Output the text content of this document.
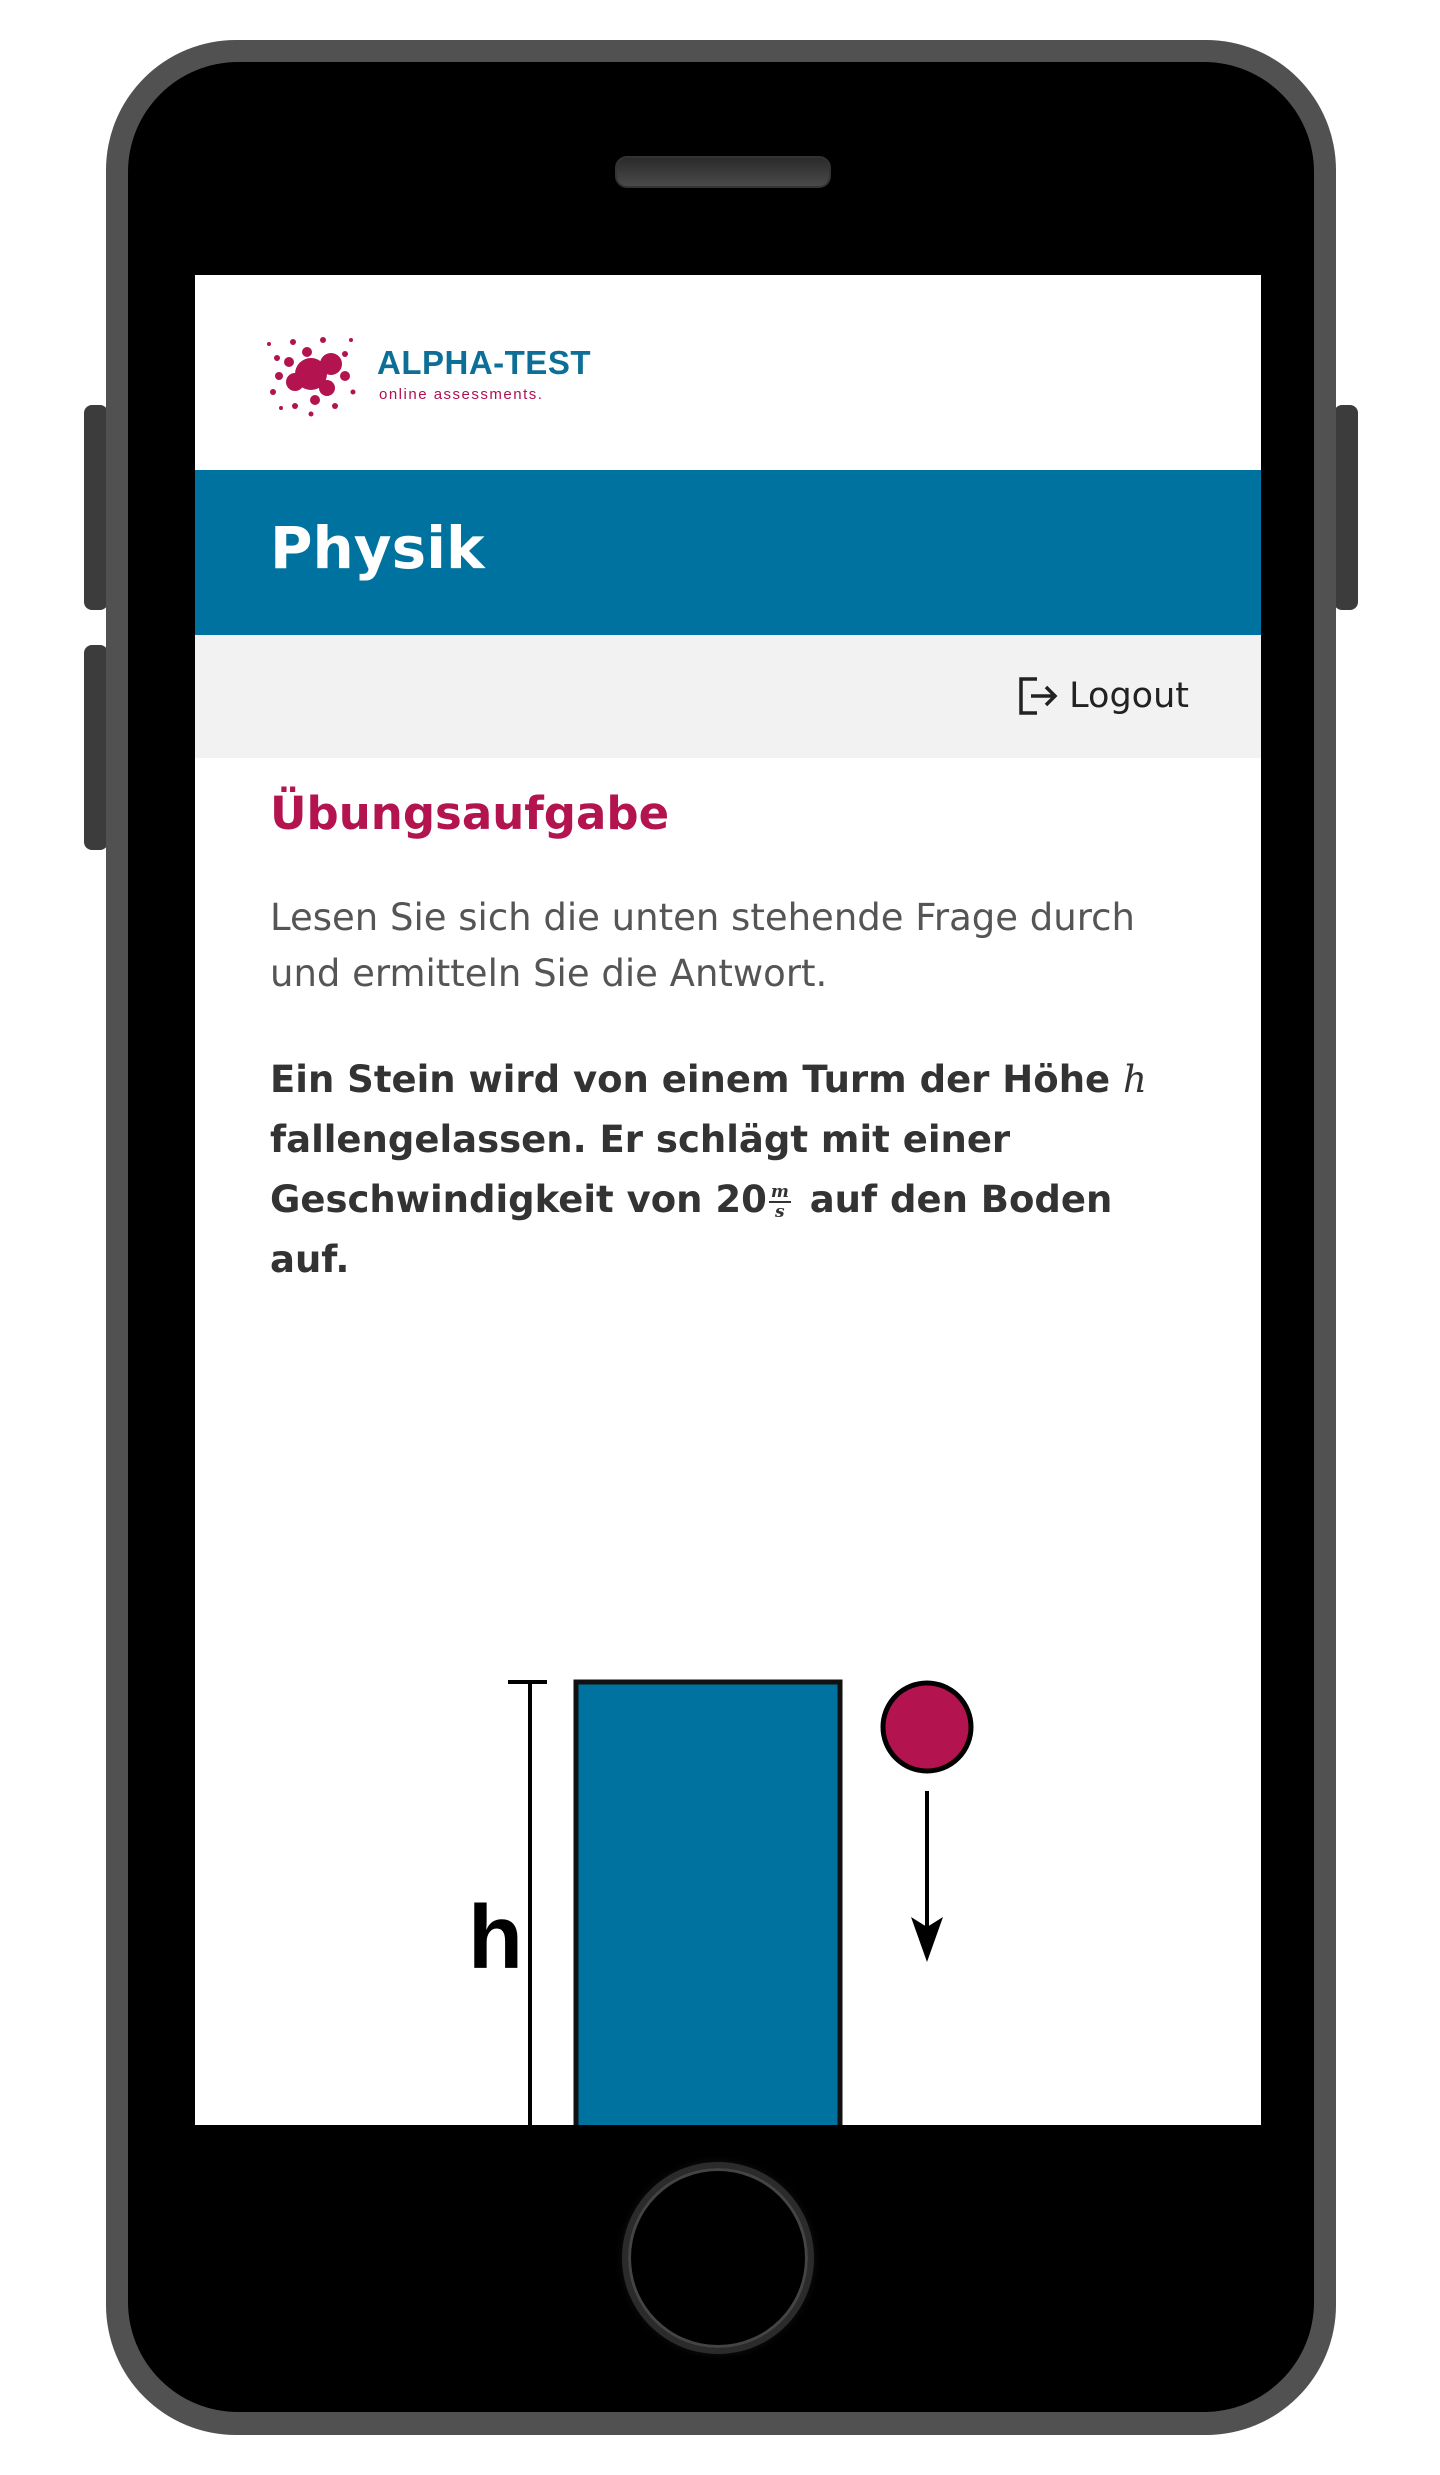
ALPHA-TEST
online assessments.
Physik
Logout
Übungsaufgabe

Lesen Sie sich die unten stehende Frage durch und ermitteln Sie die Antwort.

Ein Stein wird von einem Turm der Höhe h fallengelassen. Er schlägt mit einer Geschwindigkeit von $20 \frac{m}{s}$ auf den Boden auf.

h
